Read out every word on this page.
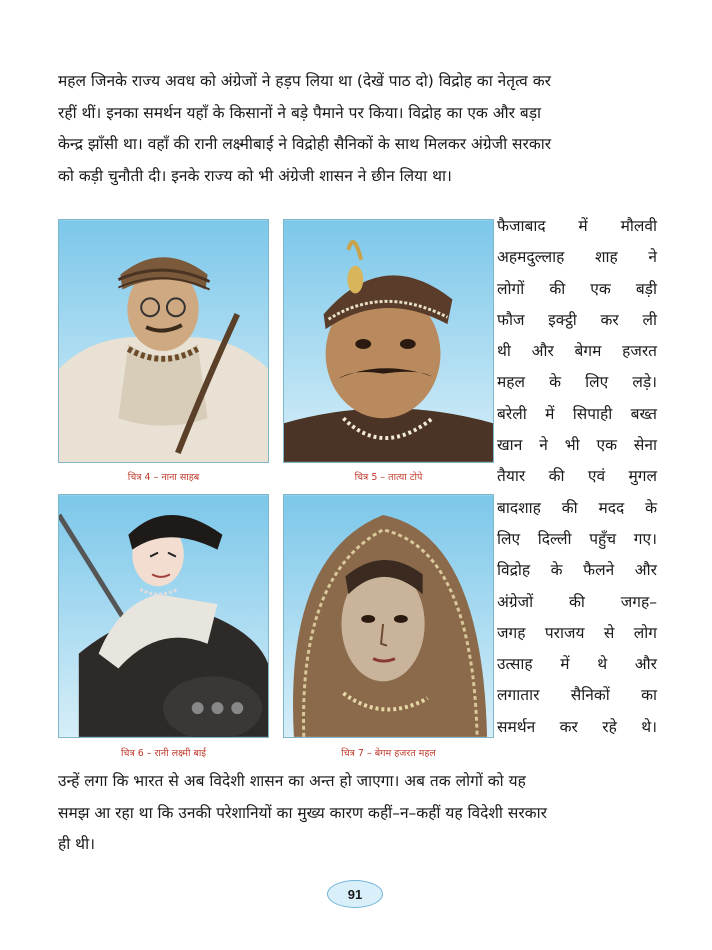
महल जिनके राज्य अवध को अंग्रेजों ने हड़प लिया था (देखें पाठ दो) विद्रोह का नेतृत्व कर
रहीं थीं। इनका समर्थन यहाँ के किसानों ने बड़े पैमाने पर किया। विद्रोह का एक और बड़ा
केन्द्र झाँसी था। वहाँ की रानी लक्ष्मीबाई ने विद्रोही सैनिकों के साथ मिलकर अंग्रेजी सरकार
को कड़ी चुनौती दी। इनके राज्य को भी अंग्रेजी शासन ने छीन लिया था।
चित्र 4 – नाना साहब	चित्र 5 – तात्या टोपे
चित्र 6 – रानी लक्ष्मी बाई	चित्र 7 – बेगम हजरत महल
फैजाबाद में मौलवी
अहमदुल्लाह शाह ने
लोगों की एक बड़ी
फौज इक्ट्ठी कर ली
थी और बेगम हजरत
महल के लिए लड़े।
बरेली में सिपाही बख्त
खान ने भी एक सेना
तैयार की एवं मुगल
बादशाह की मदद के
लिए दिल्ली पहुँच गए।
विद्रोह के फैलने और
अंग्रेजों की जगह–
जगह पराजय से लोग
उत्साह में थे और
लगातार सैनिकों का
समर्थन कर रहे थे।
उन्हें लगा कि भारत से अब विदेशी शासन का अन्त हो जाएगा। अब तक लोगों को यह
समझ आ रहा था कि उनकी परेशानियों का मुख्य कारण कहीं–न–कहीं यह विदेशी सरकार
ही थी।
91
